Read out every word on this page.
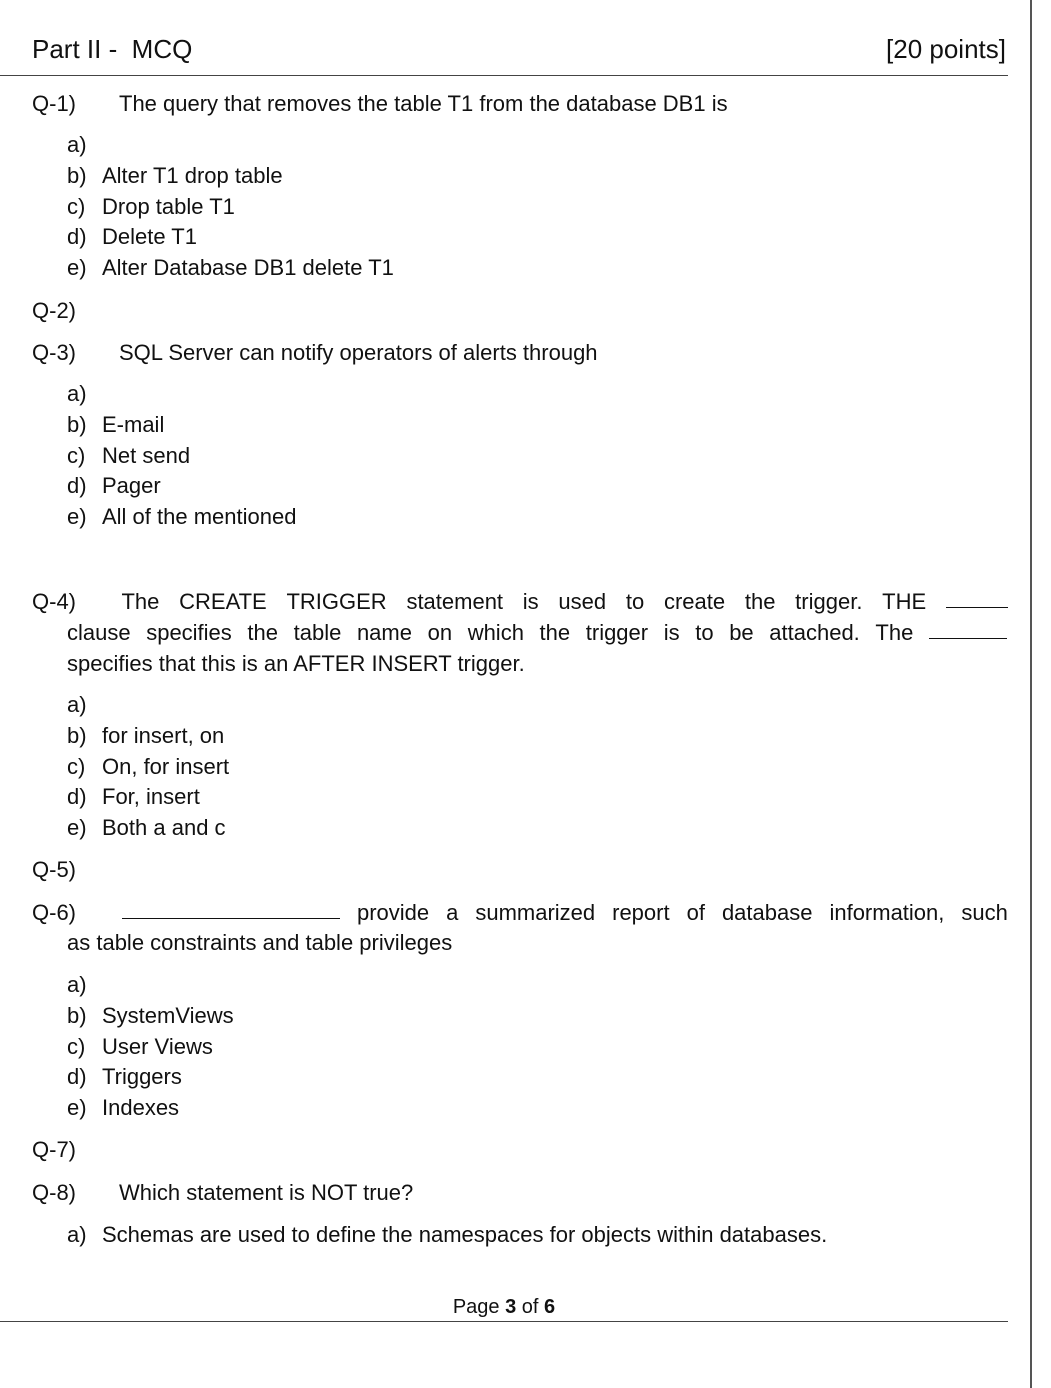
Part II -  MCQ	[20 points]
Q-1) The query that removes the table T1 from the database DB1 is
a)
b) Alter T1 drop table
c) Drop table T1
d) Delete T1
e) Alter Database DB1 delete T1
Q-2)
Q-3) SQL Server can notify operators of alerts through
a)
b) E-mail
c) Net send
d) Pager
e) All of the mentioned
Q-4) The CREATE TRIGGER statement is used to create the trigger. THE
clause specifies the table name on which the trigger is to be attached. The
specifies that this is an AFTER INSERT trigger.
a)
b) for insert, on
c) On, for insert
d) For, insert
e) Both a and c
Q-5)
Q-6)	provide a summarized report of database information, such
as table constraints and table privileges
a)
b) SystemViews
c) User Views
d) Triggers
e) Indexes
Q-7)
Q-8) Which statement is NOT true?
a) Schemas are used to define the namespaces for objects within databases.
Page 3 of 6
